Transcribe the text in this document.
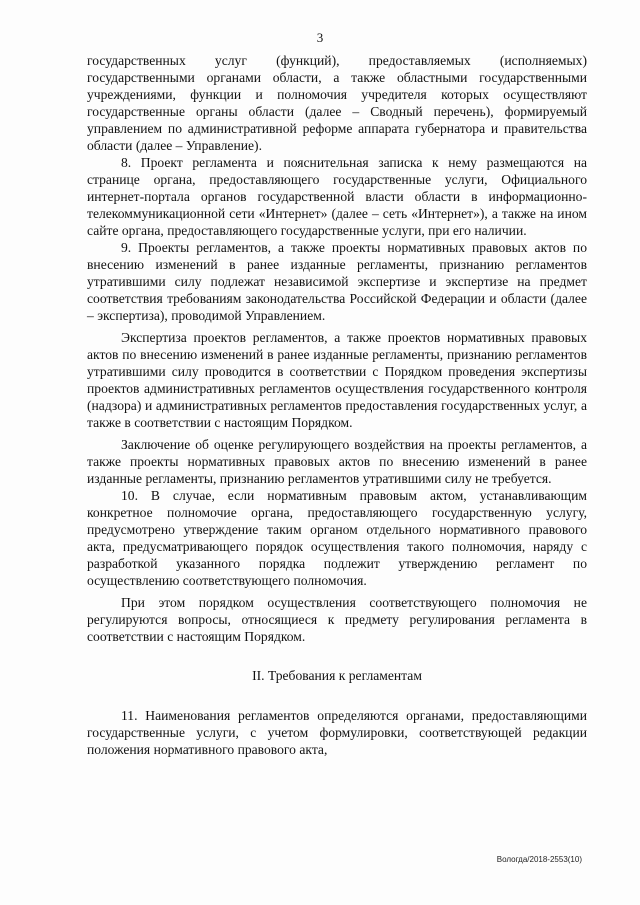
3

государственных услуг (функций), предоставляемых (исполняемых) государственными органами области, а также областными государственными учреждениями, функции и полномочия учредителя которых осуществляют государственные органы области (далее – Сводный перечень), формируемый управлением по административной реформе аппарата губернатора и правительства области (далее – Управление).

8. Проект регламента и пояснительная записка к нему размещаются на странице органа, предоставляющего государственные услуги, Официального интернет-портала органов государственной власти области в информационно-телекоммуникационной сети «Интернет» (далее – сеть «Интернет»), а также на ином сайте органа, предоставляющего государственные услуги, при его наличии.

9. Проекты регламентов, а также проекты нормативных правовых актов по внесению изменений в ранее изданные регламенты, признанию регламентов утратившими силу подлежат независимой экспертизе и экспертизе на предмет соответствия требованиям законодательства Российской Федерации и области (далее – экспертиза), проводимой Управлением.

Экспертиза проектов регламентов, а также проектов нормативных правовых актов по внесению изменений в ранее изданные регламенты, признанию регламентов утратившими силу проводится в соответствии с Порядком проведения экспертизы проектов административных регламентов осуществления государственного контроля (надзора) и административных регламентов предоставления государственных услуг, а также в соответствии с настоящим Порядком.

Заключение об оценке регулирующего воздействия на проекты регламентов, а также проекты нормативных правовых актов по внесению изменений в ранее изданные регламенты, признанию регламентов утратившими силу не требуется.

10. В случае, если нормативным правовым актом, устанавливающим конкретное полномочие органа, предоставляющего государственную услугу, предусмотрено утверждение таким органом отдельного нормативного правового акта, предусматривающего порядок осуществления такого полномочия, наряду с разработкой указанного порядка подлежит утверждению регламент по осуществлению соответствующего полномочия.

При этом порядком осуществления соответствующего полномочия не регулируются вопросы, относящиеся к предмету регулирования регламента в соответствии с настоящим Порядком.

II. Требования к регламентам

11. Наименования регламентов определяются органами, предоставляющими государственные услуги, с учетом формулировки, соответствующей редакции положения нормативного правового акта,

Вологда/2018-2553(10)
